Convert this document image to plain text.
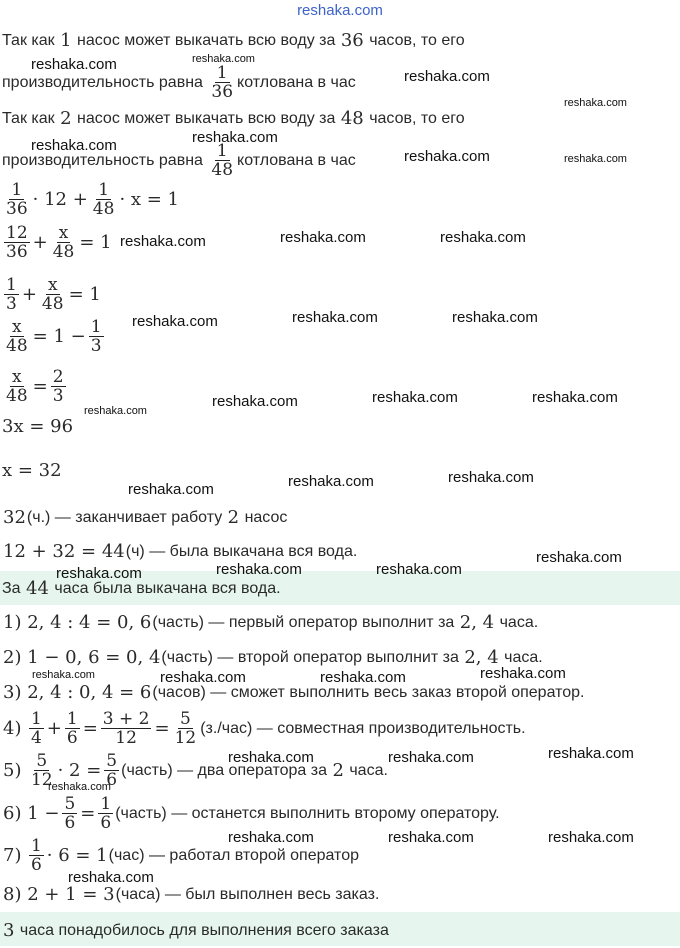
reshaka.com
Так как
1
насос может выкачать всю воду за
36
часов, то его
производительность равна
$\frac{1}{36}$ котлована в час
Так как
2
насос может выкачать всю воду за
48
часов, то его
производительность равна
$\frac{1}{48}$ котлована в час
$\frac{1}{36} \cdot 12 + \frac{1}{48} \cdot x = 1$
$\frac{12}{36} + \frac{x}{48} = 1$
$\frac{1}{3} + \frac{x}{48} = 1$
$\frac{x}{48} = 1 - \frac{1}{3}$
$\frac{x}{48} = \frac{2}{3}$
3x = 96
x = 32
32 (ч.) — заканчивает работу
2
насос
12 + 32 = 44 (ч) — была выкачана вся вода.
За
44
часа была выкачана вся вода.
1) 2, 4 : 4 = 0, 6 (часть) — первый оператор выполнит за
2, 4
часа.
2) 1 − 0, 6 = 0, 4 (часть) — второй оператор выполнит за
2, 4
часа.
3) 2, 4 : 0, 4 = 6 (часов) — сможет выполнить весь заказ второй оператор.
4)
$\frac{1}{4} + \frac{1}{6} = \frac{3 + 2}{12} = \frac{5}{12} (з./час)$ — совместная производительность.
5)
$\frac{5}{12} \cdot 2 = \frac{5}{6}$ (часть) — два оператора за
2
часа.
6) $1 - \frac{5}{6} = \frac{1}{6}$ (часть) — останется выполнить второму оператору.
7)
$\frac{1}{6} \cdot 6 = 1$ (час) — работал второй оператор
8) 2 + 1 = 3 (часа) — был выполнен весь заказ.
3
часа понадобилось для выполнения всего заказа
reshaka.com	reshaka.com
reshaka.com
reshaka.com
reshaka.com	reshaka.com
reshaka.com	reshaka.com
reshaka.com	reshaka.com	reshaka.com
reshaka.com	reshaka.com	reshaka.com
reshaka.com
reshaka.com	reshaka.com	reshaka.com
reshaka.com	reshaka.com	reshaka.com
reshaka.com
reshaka.com	reshaka.com	reshaka.com
reshaka.com	reshaka.com	reshaka.com	reshaka.com
reshaka.com	reshaka.com	reshaka.com
reshaka.com
reshaka.com	reshaka.com	reshaka.com
reshaka.com
